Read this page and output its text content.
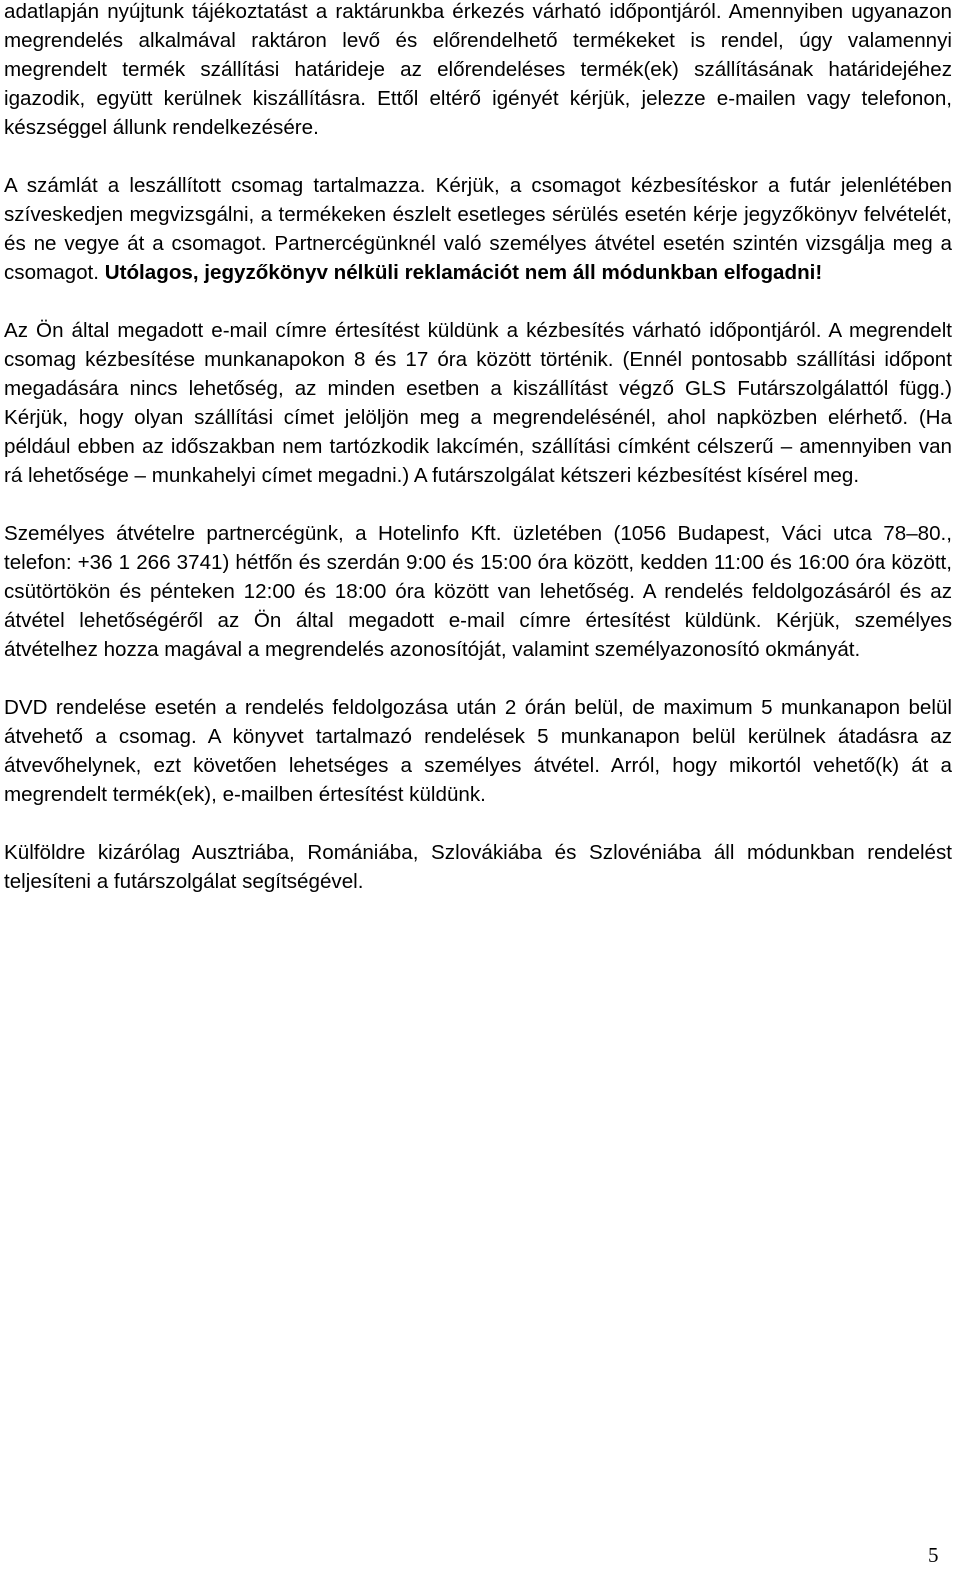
adatlapján nyújtunk tájékoztatást a raktárunkba érkezés várható időpontjáról. Amennyiben ugyanazon megrendelés alkalmával raktáron levő és előrendelhető termékeket is rendel, úgy valamennyi megrendelt termék szállítási határideje az előrendeléses termék(ek) szállításának határidejéhez igazodik, együtt kerülnek kiszállításra. Ettől eltérő igényét kérjük, jelezze e-mailen vagy telefonon, készséggel állunk rendelkezésére.

A számlát a leszállított csomag tartalmazza. Kérjük, a csomagot kézbesítéskor a futár jelenlétében szíveskedjen megvizsgálni, a termékeken észlelt esetleges sérülés esetén kérje jegyzőkönyv felvételét, és ne vegye át a csomagot. Partnercégünknél való személyes átvétel esetén szintén vizsgálja meg a csomagot. Utólagos, jegyzőkönyv nélküli reklamációt nem áll módunkban elfogadni!

Az Ön által megadott e-mail címre értesítést küldünk a kézbesítés várható időpontjáról. A megrendelt csomag kézbesítése munkanapokon 8 és 17 óra között történik. (Ennél pontosabb szállítási időpont megadására nincs lehetőség, az minden esetben a kiszállítást végző GLS Futárszolgálattól függ.) Kérjük, hogy olyan szállítási címet jelöljön meg a megrendelésénél, ahol napközben elérhető. (Ha például ebben az időszakban nem tartózkodik lakcímén, szállítási címként célszerű – amennyiben van rá lehetősége – munkahelyi címet megadni.) A futárszolgálat kétszeri kézbesítést kísérel meg.

Személyes átvételre partnercégünk, a Hotelinfo Kft. üzletében (1056 Budapest, Váci utca 78–80., telefon: +36 1 266 3741) hétfőn és szerdán 9:00 és 15:00 óra között, kedden 11:00 és 16:00 óra között, csütörtökön és pénteken 12:00 és 18:00 óra között van lehetőség. A rendelés feldolgozásáról és az átvétel lehetőségéről az Ön által megadott e-mail címre értesítést küldünk. Kérjük, személyes átvételhez hozza magával a megrendelés azonosítóját, valamint személyazonosító okmányát.

DVD rendelése esetén a rendelés feldolgozása után 2 órán belül, de maximum 5 munkanapon belül átvehető a csomag. A könyvet tartalmazó rendelések 5 munkanapon belül kerülnek átadásra az átvevőhelynek, ezt követően lehetséges a személyes átvétel. Arról, hogy mikortól vehető(k) át a megrendelt termék(ek), e-mailben értesítést küldünk.

Külföldre kizárólag Ausztriába, Romániába, Szlovákiába és Szlovéniába áll módunkban rendelést teljesíteni a futárszolgálat segítségével.

5
